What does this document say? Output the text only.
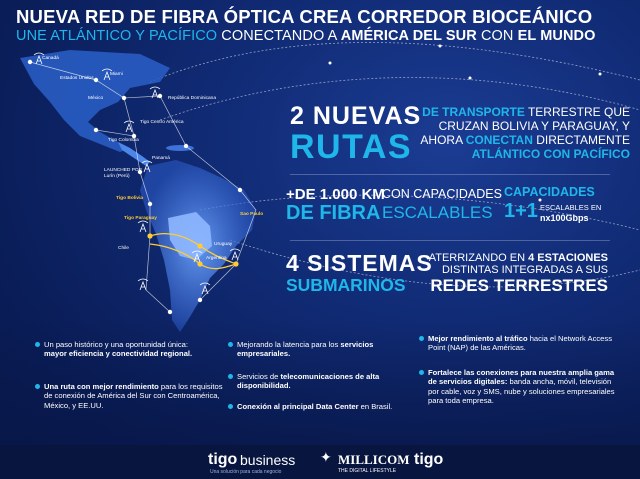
NUEVA RED DE FIBRA ÓPTICA CREA CORREDOR BIOCEÁNICO
UNE ATLÁNTICO Y PACÍFICO CONECTANDO A AMÉRICA DEL SUR CON EL MUNDO
Canadá
Estados Unidos
Miami
República Dominicana
México
Tigo Centro América
Tigo Colombia
Panamá
LAUNCHED POP Lurín (Perú)
Tigo Bolivia
Tigo Paraguay
Sao Paulo
Chile
Uruguay
Argentina
2 NUEVAS
RUTAS
DE TRANSPORTE TERRESTRE QUE CRUZAN BOLIVIA Y PARAGUAY, Y AHORA CONECTAN DIRECTAMENTE ATLÁNTICO CON PACÍFICO
+DE 1.000 KM
CON CAPACIDADES
DE FIBRA ESCALABLES
CAPACIDADES
1+1 ESCALABLES EN
nx100Gbps
4 SISTEMAS
SUBMARINOS
ATERRIZANDO EN 4 ESTACIONES DISTINTAS INTEGRADAS A SUS
REDES TERRESTRES
Un paso histórico y una oportunidad única:
mayor eficiencia y conectividad regional.
Una ruta con mejor rendimiento para los requisitos de conexión de América del Sur con Centroamérica, México, y EE.UU.
Mejorando la latencia para los servicios empresariales.
Servicios de telecomunicaciones de alta disponibilidad.
Conexión al principal Data Center en Brasil.
Mejor rendimiento al tráfico hacia el Network Access Point (NAP) de las Américas.
Fortalece las conexiones para nuestra amplia gama de servicios digitales: banda ancha, móvil, televisión por cable, voz y SMS, nube y soluciones empresariales para toda empresa.
tigo business
Una solución para cada negocio
✦ MILLICOM
THE DIGITAL LIFESTYLE
tigo
